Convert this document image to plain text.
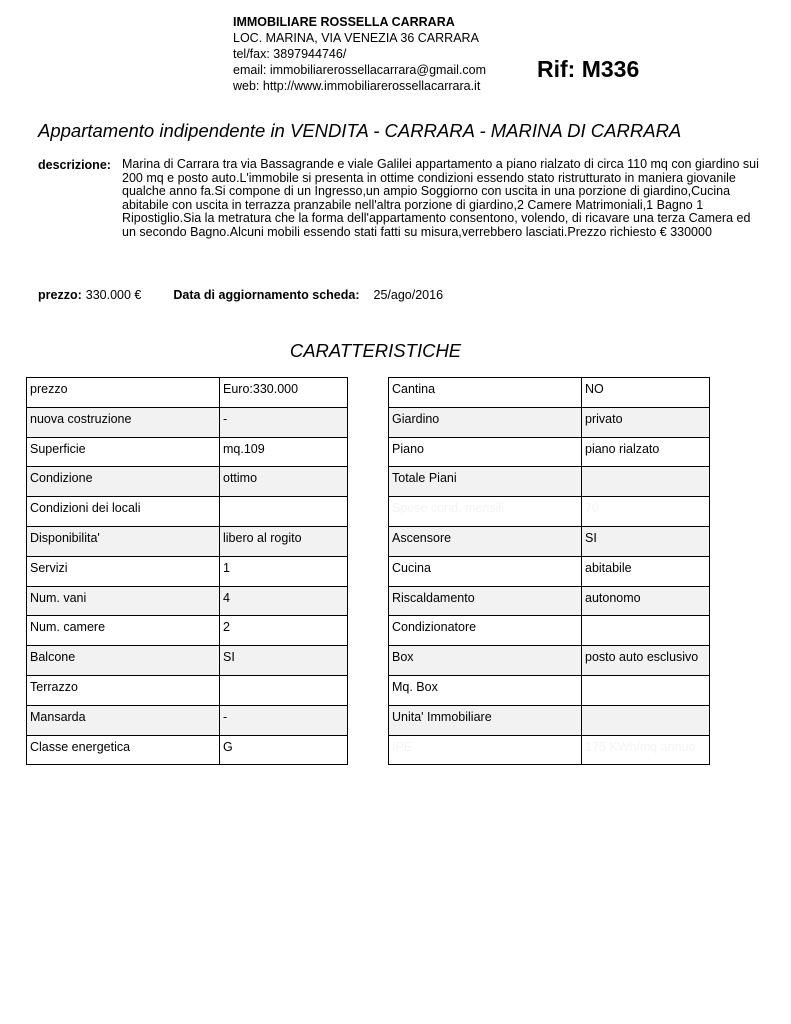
IMMOBILIARE ROSSELLA CARRARA
LOC. MARINA, VIA VENEZIA 36 CARRARA
tel/fax: 3897944746/
email: immobiliarerossellacarrara@gmail.com
web: http://www.immobiliarerossellacarrara.it
Rif: M336
Appartamento indipendente in VENDITA - CARRARA - MARINA DI CARRARA
descrizione: Marina di Carrara tra via Bassagrande e viale Galilei appartamento a piano rialzato di circa 110 mq con giardino sui 200 mq e posto auto.L'immobile si presenta in ottime condizioni essendo stato ristrutturato in maniera giovanile qualche anno fa.Si compone di un Ingresso,un ampio Soggiorno con uscita in una porzione di giardino,Cucina abitabile con uscita in terrazza pranzabile nell'altra porzione di giardino,2 Camere Matrimoniali,1 Bagno 1 Ripostiglio.Sia la metratura che la forma dell'appartamento consentono, volendo, di ricavare una terza Camera ed un secondo Bagno.Alcuni mobili essendo stati fatti su misura,verrebbero lasciati.Prezzo richiesto € 330000
prezzo: 330.000 €	Data di aggiornamento scheda: 25/ago/2016
CARATTERISTICHE
prezzo	Euro:330.000
nuova costruzione	-
Superficie	mq.109
Condizione	ottimo
Condizioni dei locali	
Disponibilita'	libero al rogito
Servizi	1
Num. vani	4
Num. camere	2
Balcone	SI
Terrazzo	
Mansarda	-
Classe energetica	G
Cantina	NO
Giardino	privato
Piano	piano rialzato
Totale Piani	
Spese cond. mensili	70
Ascensore	SI
Cucina	abitabile
Riscaldamento	autonomo
Condizionatore	
Box	posto auto esclusivo
Mq. Box	
Unita' Immobiliare	
IPE	175 KWh/mq annuo
